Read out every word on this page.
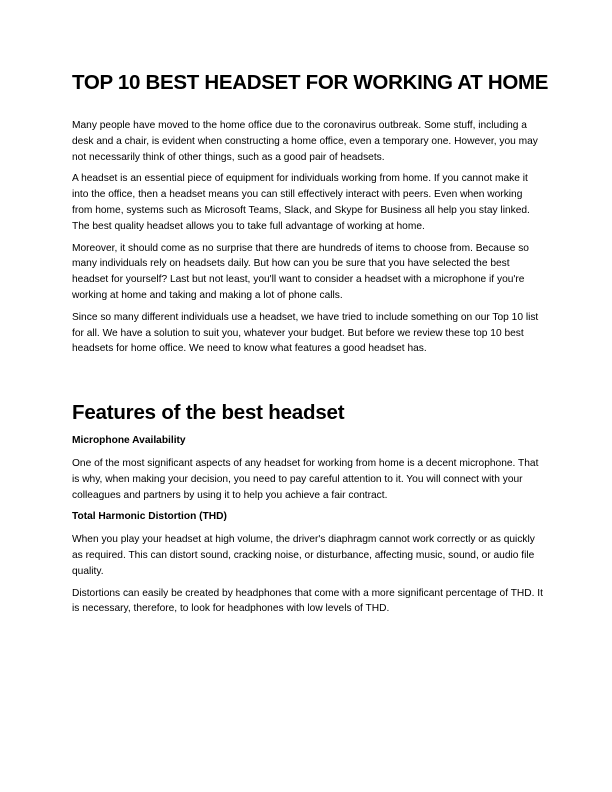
TOP 10 BEST HEADSET FOR WORKING AT HOME

Many people have moved to the home office due to the coronavirus outbreak. Some stuff, including a desk and a chair, is evident when constructing a home office, even a temporary one. However, you may not necessarily think of other things, such as a good pair of headsets.

A headset is an essential piece of equipment for individuals working from home. If you cannot make it into the office, then a headset means you can still effectively interact with peers. Even when working from home, systems such as Microsoft Teams, Slack, and Skype for Business all help you stay linked. The best quality headset allows you to take full advantage of working at home.

Moreover, it should come as no surprise that there are hundreds of items to choose from. Because so many individuals rely on headsets daily. But how can you be sure that you have selected the best headset for yourself? Last but not least, you'll want to consider a headset with a microphone if you're working at home and taking and making a lot of phone calls.

Since so many different individuals use a headset, we have tried to include something on our Top 10 list for all. We have a solution to suit you, whatever your budget. But before we review these top 10 best headsets for home office. We need to know what features a good headset has.

Features of the best headset
Microphone Availability

One of the most significant aspects of any headset for working from home is a decent microphone. That is why, when making your decision, you need to pay careful attention to it. You will connect with your colleagues and partners by using it to help you achieve a fair contract.

Total Harmonic Distortion (THD)

When you play your headset at high volume, the driver's diaphragm cannot work correctly or as quickly as required. This can distort sound, cracking noise, or disturbance, affecting music, sound, or audio file quality.

Distortions can easily be created by headphones that come with a more significant percentage of THD. It is necessary, therefore, to look for headphones with low levels of THD.
